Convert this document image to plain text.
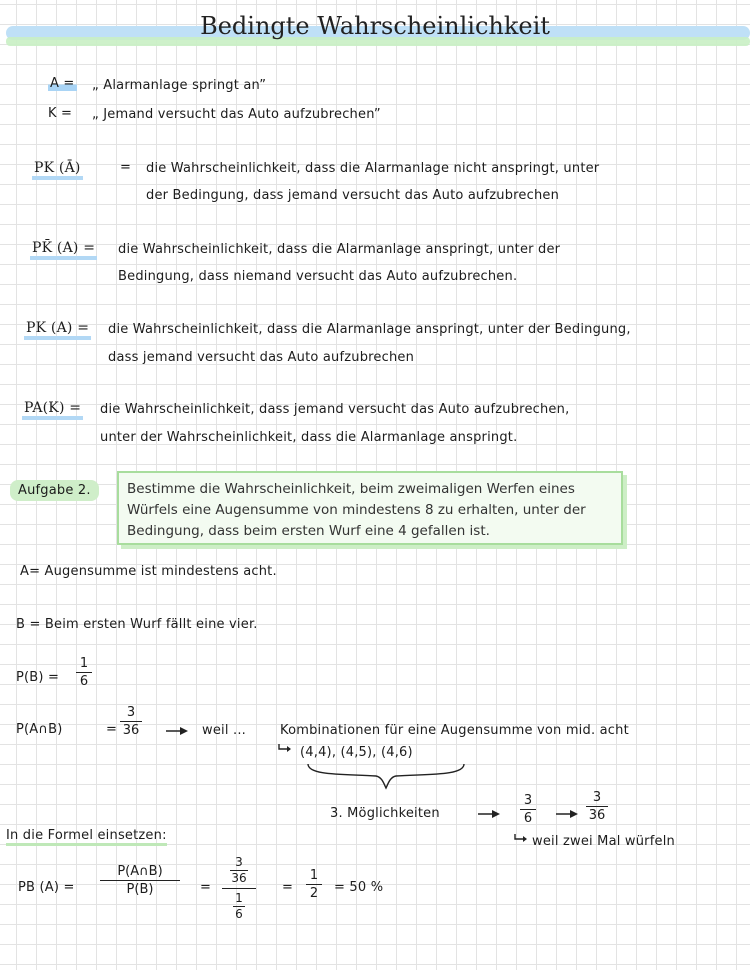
Bedingte Wahrscheinlichkeit
A = „ Alarmanlage springt an”
K = „ Jemand versucht das Auto aufzubrechen”
PK (Ā)	= die Wahrscheinlichkeit, dass die Alarmanlage nicht anspringt, unter
der Bedingung, dass jemand versucht das Auto aufzubrechen
PK̄ (A) = die Wahrscheinlichkeit, dass die Alarmanlage anspringt, unter der
Bedingung, dass niemand versucht das Auto aufzubrechen.
PK (A) = die Wahrscheinlichkeit, dass die Alarmanlage anspringt, unter der Bedingung,
dass jemand versucht das Auto aufzubrechen
PA(K) = die Wahrscheinlichkeit, dass jemand versucht das Auto aufzubrechen,
unter der Wahrscheinlichkeit, dass die Alarmanlage anspringt.
Aufgabe 2.	Bestimme die Wahrscheinlichkeit, beim zweimaligen Werfen eines Würfels eine Augensumme von mindestens 8 zu erhalten, unter der Bedingung, dass beim ersten Wurf eine 4 gefallen ist.
A= Augensumme ist mindestens acht.
B = Beim ersten Wurf fällt eine vier.
P(B) =
1
6
P(A∩B)	=
3
36	weil ...	Kombinationen für eine Augensumme von mid. acht
(4,4), (4,5), (4,6)
3. Möglichkeiten
3
6
3
36
weil zwei Mal würfeln
In die Formel einsetzen:
PB (A) =
P(A∩B)
P(B)	=
3
36
1
6
=
1
2 = 50 %
